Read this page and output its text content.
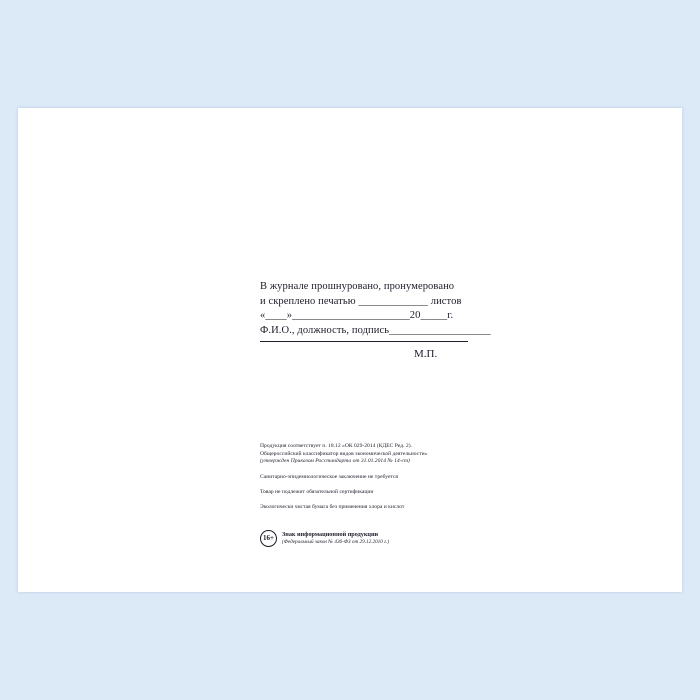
В журнале прошнуровано, пронумеровано
и скреплено печатью _____________ листов
«____»______________________20_____г.
Ф.И.О., должность, подпись___________________
М.П.
Продукция соответствует п. 18.12 «ОК 029-2014 (КДЕС Ред. 2).
Общероссийский классификатор видов экономической деятельности»
(утвержден Приказом Росстандарта от 31.01.2014 № 14-ст)
Санитарно-эпидемиологическое заключение не требуется
Товар не подлежит обязательной сертификации
Экологически чистая бумага без применения хлора и кислот
16+	Знак информационной продукции
(Федеральный закон № 436-ФЗ от 29.12.2010 г.)
